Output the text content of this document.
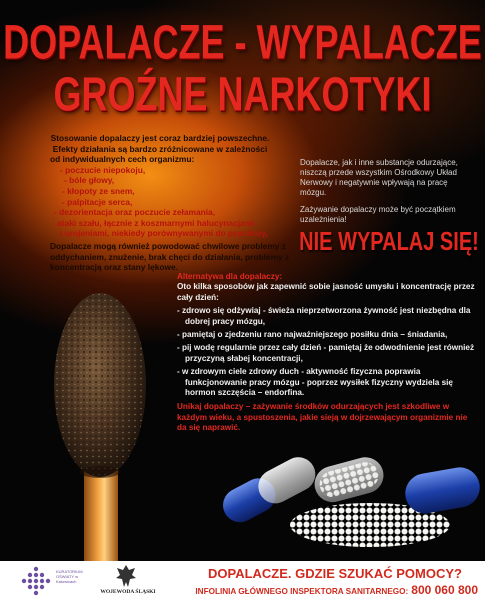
DOPALACZE - WYPALACZE
GROŹNE NARKOTYKI

Stosowanie dopalaczy jest coraz bardziej powszechne.

Efekty działania są bardzo zróżnicowane w zależności

od indywidualnych cech organizmu:

- poczucie niepokoju,
- bóle głowy,
- kłopoty ze snem,
- palpitacje serca,
- dezorientacja oraz poczucie zełamania,
- ataki szału, łącznie z koszmarnymi halucynacjami
i urojeniami, niekiedy porównywanymi do psychozy,

Dopalacze mogą również powodować chwilowe problemy z oddychaniem, znużenie, brak chęci do działania, problemy z koncentracją oraz stany lękowe.

Dopalacze, jak i inne substancje odurzające, niszczą przede wszystkim Ośrodkowy Układ Nerwowy i negatywnie wpływają na pracę mózgu.

Zażywanie dopalaczy może być początkiem uzależnienia!

NIE WYPALAJ SIĘ!
Alternatywa dla dopalaczy:

Oto kilka sposobów jak zapewnić sobie jasność umysłu i koncentrację przez cały dzień:

- zdrowo się odżywiaj - świeża nieprzetworzona żywność jest niezbędna dla dobrej pracy mózgu,
- pamiętaj o zjedzeniu rano najważniejszego posiłku dnia – śniadania,
- pij wodę regularnie przez cały dzień - pamiętaj że odwodnienie jest również przyczyną słabej koncentracji,
- w zdrowym ciele zdrowy duch - aktywność fizyczna poprawia funkcjonowanie pracy mózgu - poprzez wysiłek fizyczny wydziela się hormon szczęścia – endorfina.

Unikaj dopalaczy – zażywanie środków odurzających jest szkodliwe w każdym wieku, a spustoszenia, jakie sieją w dojrzewającym organizmie nie da się naprawić.

KURATORIUM OŚWIATY w Katowicach
WOJEWODA ŚLĄSKI
DOPALACZE. GDZIE SZUKAĆ POMOCY?
INFOLINIA GŁÓWNEGO INSPEKTORA SANITARNEGO: 800 060 800
